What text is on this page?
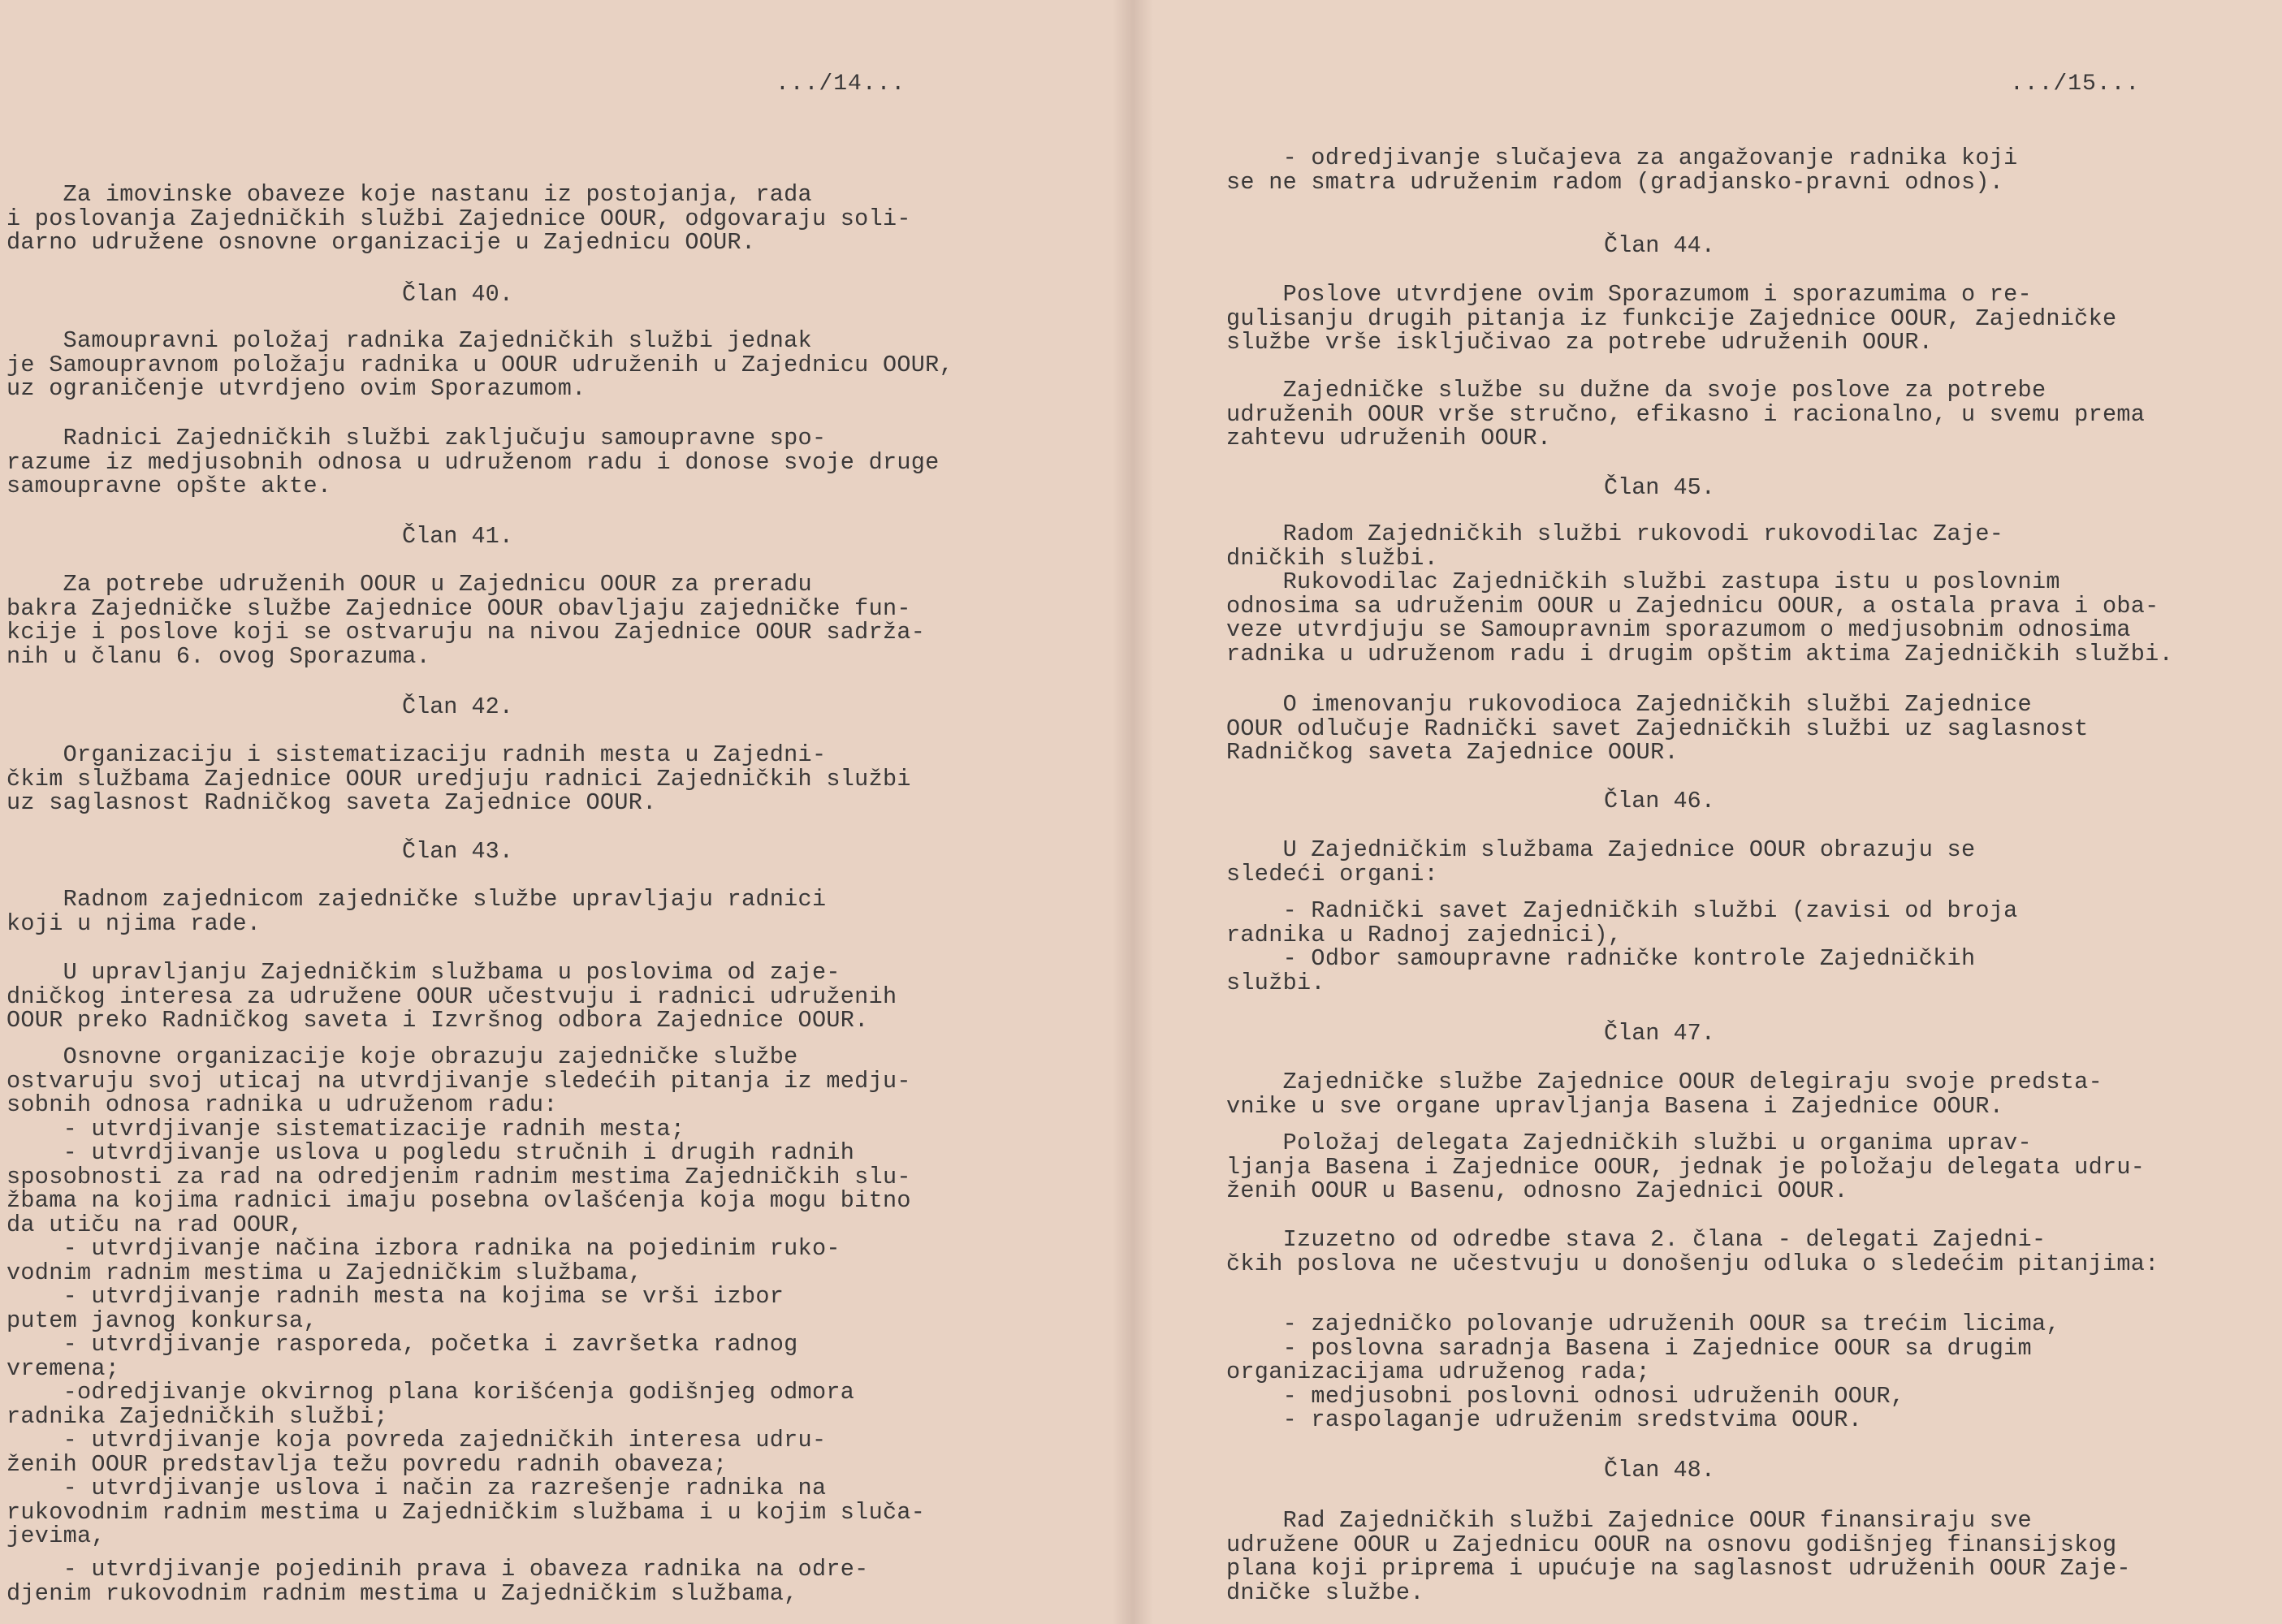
.../14...	.../15...

Za imovinske obaveze koje nastanu iz postojanja, rada
i poslovanja Zajedničkih službi Zajednice OOUR, odgovaraju soli-
darno udružene osnovne organizacije u Zajednicu OOUR.

Član 40.

Samoupravni položaj radnika Zajedničkih službi jednak
je Samoupravnom položaju radnika u OOUR udruženih u Zajednicu OOUR,
uz ograničenje utvrdjeno ovim Sporazumom.

Radnici Zajedničkih službi zaključuju samoupravne spo-
razume iz medjusobnih odnosa u udruženom radu i donose svoje druge
samoupravne opšte akte.

Član 41.

Za potrebe udruženih OOUR u Zajednicu OOUR za preradu
bakra Zajedničke službe Zajednice OOUR obavljaju zajedničke fun-
kcije i poslove koji se ostvaruju na nivou Zajednice OOUR sadrža-
nih u članu 6. ovog Sporazuma.

Član 42.

Organizaciju i sistematizaciju radnih mesta u Zajedni-
čkim službama Zajednice OOUR uredjuju radnici Zajedničkih službi
uz saglasnost Radničkog saveta Zajednice OOUR.

Član 43.

Radnom zajednicom zajedničke službe upravljaju radnici
koji u njima rade.

U upravljanju Zajedničkim službama u poslovima od zaje-
dničkog interesa za udružene OOUR učestvuju i radnici udruženih
OOUR preko Radničkog saveta i Izvršnog odbora Zajednice OOUR.

Osnovne organizacije koje obrazuju zajedničke službe
ostvaruju svoj uticaj na utvrdjivanje sledećih pitanja iz medju-
sobnih odnosa radnika u udruženom radu:
- utvrdjivanje sistematizacije radnih mesta;
- utvrdjivanje uslova u pogledu stručnih i drugih radnih
sposobnosti za rad na odredjenim radnim mestima Zajedničkih slu-
žbama na kojima radnici imaju posebna ovlašćenja koja mogu bitno
da utiču na rad OOUR,
- utvrdjivanje načina izbora radnika na pojedinim ruko-
vodnim radnim mestima u Zajedničkim službama,
- utvrdjivanje radnih mesta na kojima se vrši izbor
putem javnog konkursa,
- utvrdjivanje rasporeda, početka i završetka radnog
vremena;
-odredjivanje okvirnog plana korišćenja godišnjeg odmora
radnika Zajedničkih službi;
- utvrdjivanje koja povreda zajedničkih interesa udru-
ženih OOUR predstavlja težu povredu radnih obaveza;
- utvrdjivanje uslova i način za razrešenje radnika na
rukovodnim radnim mestima u Zajedničkim službama i u kojim sluča-
jevima,

- utvrdjivanje pojedinih prava i obaveza radnika na odre-
djenim rukovodnim radnim mestima u Zajedničkim službama,

- odredjivanje slučajeva za angažovanje radnika koji
se ne smatra udruženim radom (gradjansko-pravni odnos).

Član 44.

Poslove utvrdjene ovim Sporazumom i sporazumima o re-
gulisanju drugih pitanja iz funkcije Zajednice OOUR, Zajedničke
službe vrše isključivao za potrebe udruženih OOUR.

Zajedničke službe su dužne da svoje poslove za potrebe
udruženih OOUR vrše stručno, efikasno i racionalno, u svemu prema
zahtevu udruženih OOUR.

Član 45.

Radom Zajedničkih službi rukovodi rukovodilac Zaje-
dničkih službi.
Rukovodilac Zajedničkih službi zastupa istu u poslovnim
odnosima sa udruženim OOUR u Zajednicu OOUR, a ostala prava i oba-
veze utvrdjuju se Samoupravnim sporazumom o medjusobnim odnosima
radnika u udruženom radu i drugim opštim aktima Zajedničkih službi.

O imenovanju rukovodioca Zajedničkih službi Zajednice
OOUR odlučuje Radnički savet Zajedničkih službi uz saglasnost
Radničkog saveta Zajednice OOUR.

Član 46.

U Zajedničkim službama Zajednice OOUR obrazuju se
sledeći organi:

- Radnički savet Zajedničkih službi (zavisi od broja
radnika u Radnoj zajednici),
- Odbor samoupravne radničke kontrole Zajedničkih
službi.

Član 47.

Zajedničke službe Zajednice OOUR delegiraju svoje predsta-
vnike u sve organe upravljanja Basena i Zajednice OOUR.

Položaj delegata Zajedničkih službi u organima uprav-
ljanja Basena i Zajednice OOUR, jednak je položaju delegata udru-
ženih OOUR u Basenu, odnosno Zajednici OOUR.

Izuzetno od odredbe stava 2. člana - delegati Zajedni-
čkih poslova ne učestvuju u donošenju odluka o sledećim pitanjima:

- zajedničko polovanje udruženih OOUR sa trećim licima,
- poslovna saradnja Basena i Zajednice OOUR sa drugim
organizacijama udruženog rada;
- medjusobni poslovni odnosi udruženih OOUR,
- raspolaganje udruženim sredstvima OOUR.

Član 48.

Rad Zajedničkih službi Zajednice OOUR finansiraju sve
udružene OOUR u Zajednicu OOUR na osnovu godišnjeg finansijskog
plana koji priprema i upućuje na saglasnost udruženih OOUR Zaje-
dničke službe.
